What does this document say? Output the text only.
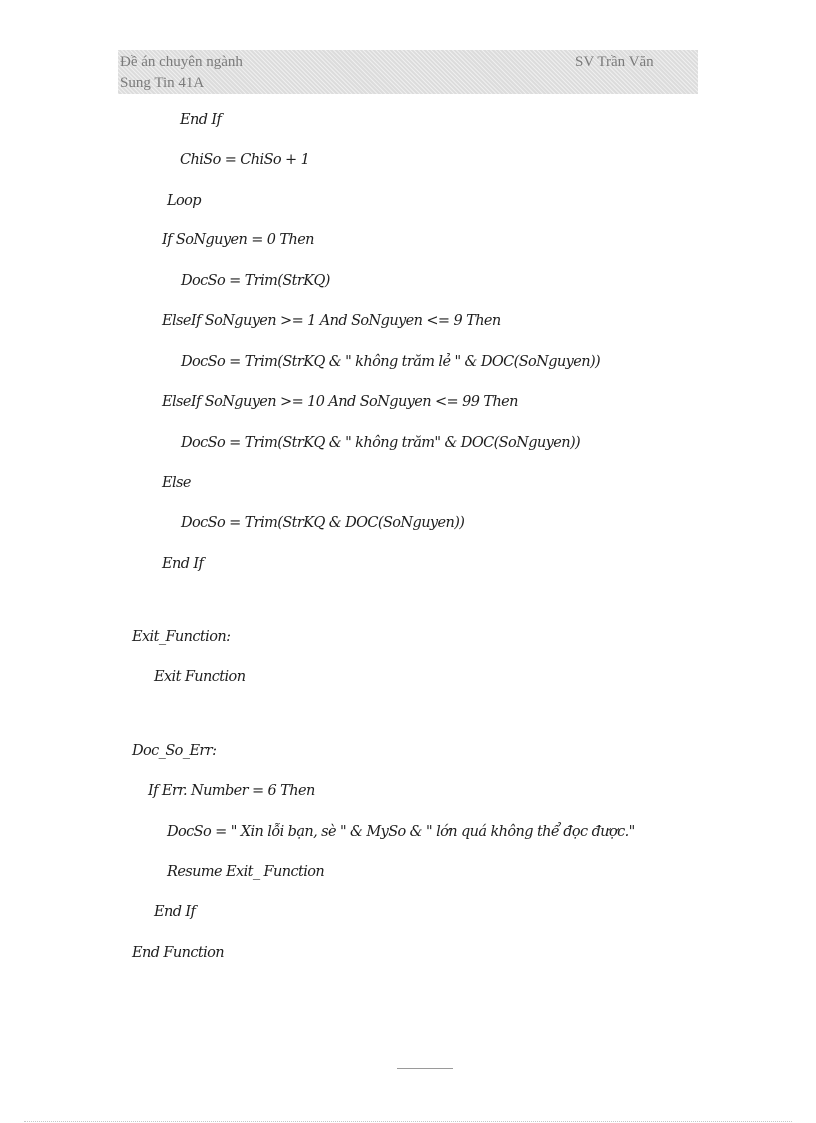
Đề án chuyên ngành	SV Trần Văn
Sung Tin 41A
End If
ChiSo = ChiSo + 1
Loop
If SoNguyen = 0 Then
DocSo = Trim(StrKQ)
ElseIf SoNguyen >= 1 And SoNguyen <= 9 Then
DocSo = Trim(StrKQ & " không trăm lẻ " & DOC(SoNguyen))
ElseIf SoNguyen >= 10 And SoNguyen <= 99 Then
DocSo = Trim(StrKQ & " không trăm" & DOC(SoNguyen))
Else
DocSo = Trim(StrKQ & DOC(SoNguyen))
End If
Exit_Function:
Exit Function
Doc_So_Err:
If Err. Number = 6 Then
DocSo = " Xin lỗi bạn, sè " & MySo & " lớn quá không thể đọc được."
Resume Exit_ Function
End If
End Function
